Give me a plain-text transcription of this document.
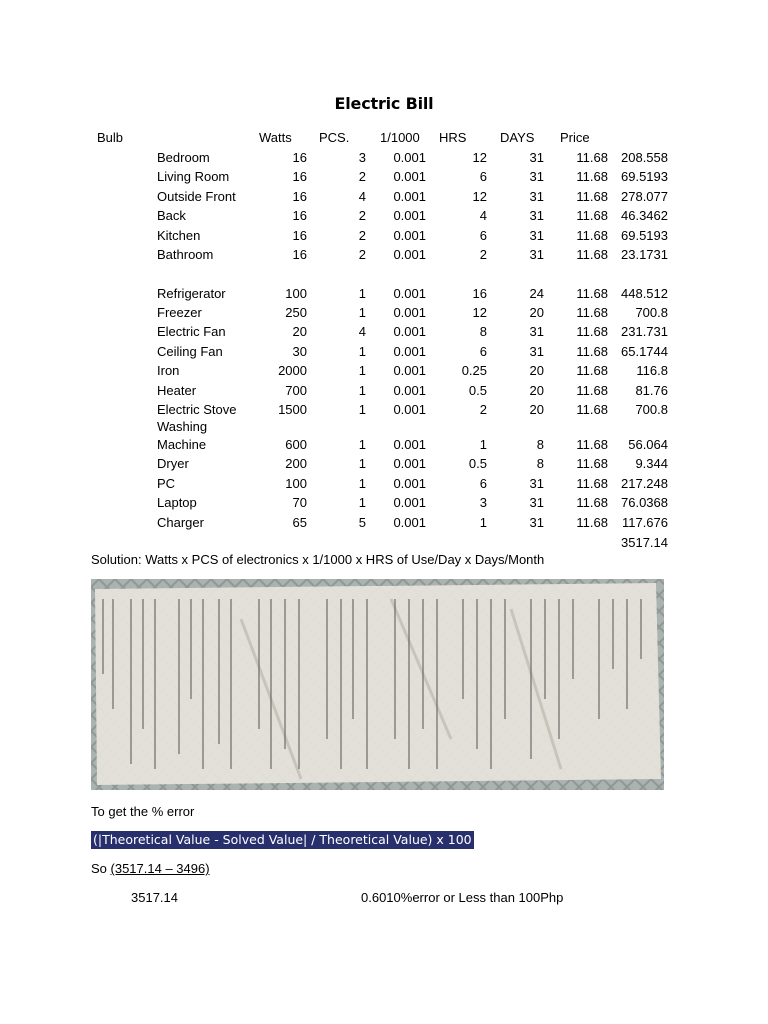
Electric Bill
Bulb	Watts PCS. 1/1000 HRS	DAYS Price
Bedroom	16	3 0.001	12	31 11.68 208.558
Living Room	16	2 0.001	6	31 11.68 69.5193
Outside Front	16	4 0.001	12	31 11.68 278.077
Back	16	2 0.001	4	31 11.68 46.3462
Kitchen	16	2 0.001	6	31 11.68 69.5193
Bathroom	16	2 0.001	2	31 11.68 23.1731
Refrigerator	100	1 0.001	16	24 11.68 448.512
Freezer	250	1 0.001	12	20 11.68 700.8
Electric Fan	20	4 0.001	8	31 11.68 231.731
Ceiling Fan	30	1 0.001	6	31 11.68 65.1744
Iron	2000	1 0.001	0.25	20 11.68 116.8
Heater	700	1 0.001	0.5	20 11.68 81.76
Electric Stove	1500	1 0.001	2	20 11.68 700.8
Washing
Machine	600	1 0.001	1	8 11.68 56.064
Dryer	200	1 0.001	0.5	8 11.68 9.344
PC	100	1 0.001	6	31 11.68 217.248
Laptop	70	1 0.001	3	31 11.68 76.0368
Charger	65	5 0.001	1	31 11.68 117.676
3517.14
Solution: Watts x PCS of electronics x 1/1000 x HRS of Use/Day x Days/Month
To get the % error
(|Theoretical Value - Solved Value| / Theoretical Value) x 100
So (3517.14 – 3496)
3517.14	0.6010%error or Less than 100Php
